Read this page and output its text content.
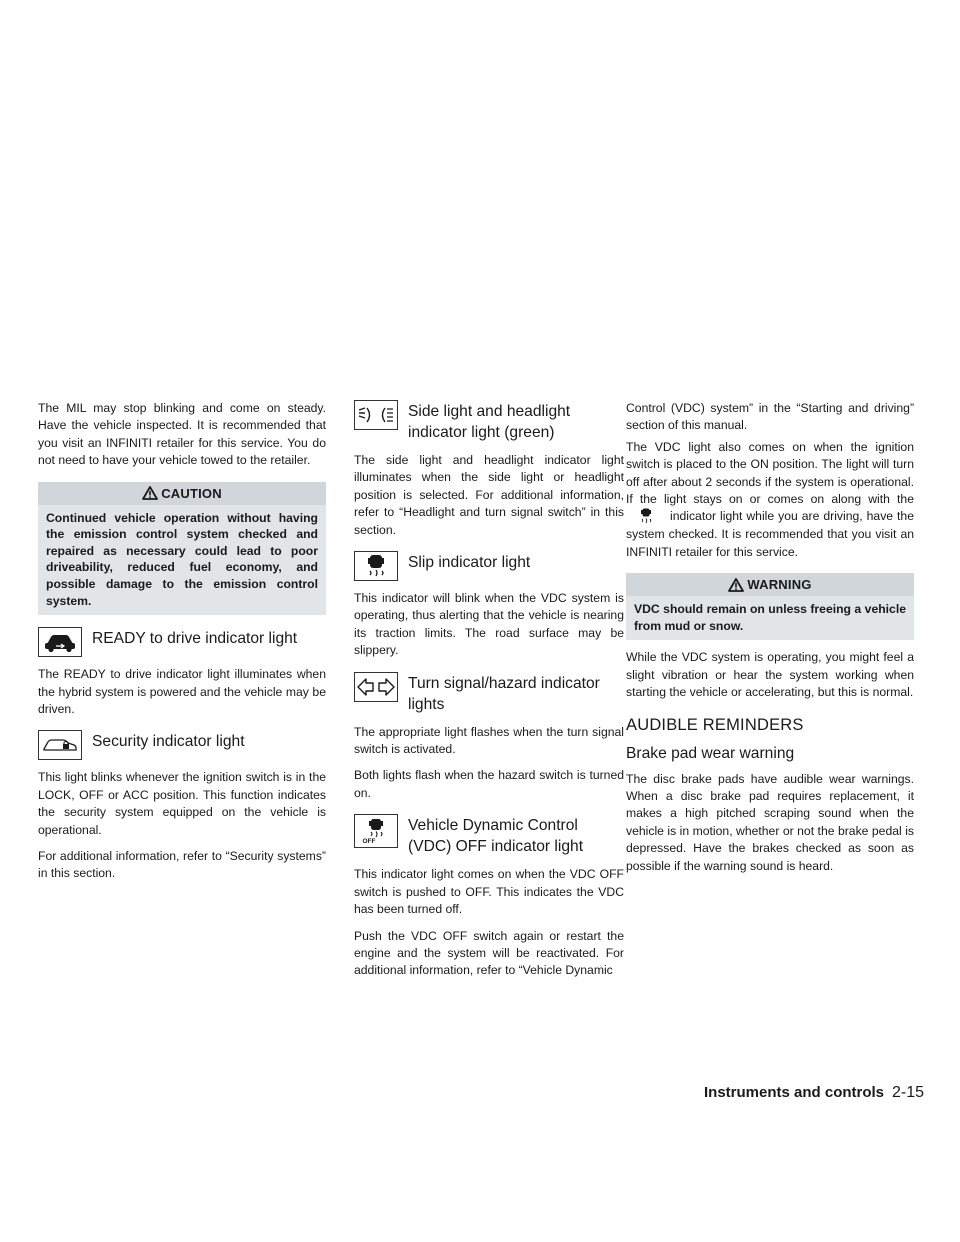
The MIL may stop blinking and come on steady. Have the vehicle inspected. It is recommended that you visit an INFINITI retailer for this service. You do not need to have your vehicle towed to the retailer.

CAUTION
Continued vehicle operation without having the emission control system checked and repaired as necessary could lead to poor driveability, reduced fuel economy, and possible damage to the emission control system.
READY to drive indicator light

The READY to drive indicator light illuminates when the hybrid system is powered and the vehicle may be driven.

Security indicator light

This light blinks whenever the ignition switch is in the LOCK, OFF or ACC position. This function indicates the security system equipped on the vehicle is operational.

For additional information, refer to “Security systems” in this section.

Side light and headlight indicator light (green)

The side light and headlight indicator light illuminates when the side light or headlight position is selected. For additional information, refer to “Headlight and turn signal switch” in this section.

Slip indicator light

This indicator will blink when the VDC system is operating, thus alerting that the vehicle is nearing its traction limits. The road surface may be slippery.

Turn signal/hazard indicator lights

The appropriate light flashes when the turn signal switch is activated.

Both lights flash when the hazard switch is turned on.

OFF
Vehicle Dynamic Control (VDC) OFF indicator light

This indicator light comes on when the VDC OFF switch is pushed to OFF. This indicates the VDC has been turned off.

Push the VDC OFF switch again or restart the engine and the system will be reactivated. For additional information, refer to “Vehicle Dynamic

Control (VDC) system” in the “Starting and driving” section of this manual.

The VDC light also comes on when the ignition switch is placed to the ON position. The light will turn off after about 2 seconds if the system is operational. If the light stays on or comes on along with the  indicator light while you are driving, have the system checked. It is recommended that you visit an INFINITI retailer for this service.

WARNING
VDC should remain on unless freeing a vehicle from mud or snow.

While the VDC system is operating, you might feel a slight vibration or hear the system working when starting the vehicle or accelerating, but this is normal.

AUDIBLE REMINDERS
Brake pad wear warning

The disc brake pads have audible wear warnings. When a disc brake pad requires replacement, it makes a high pitched scraping sound when the vehicle is in motion, whether or not the brake pedal is depressed. Have the brakes checked as soon as possible if the warning sound is heard.

Instruments and controls 2-15
